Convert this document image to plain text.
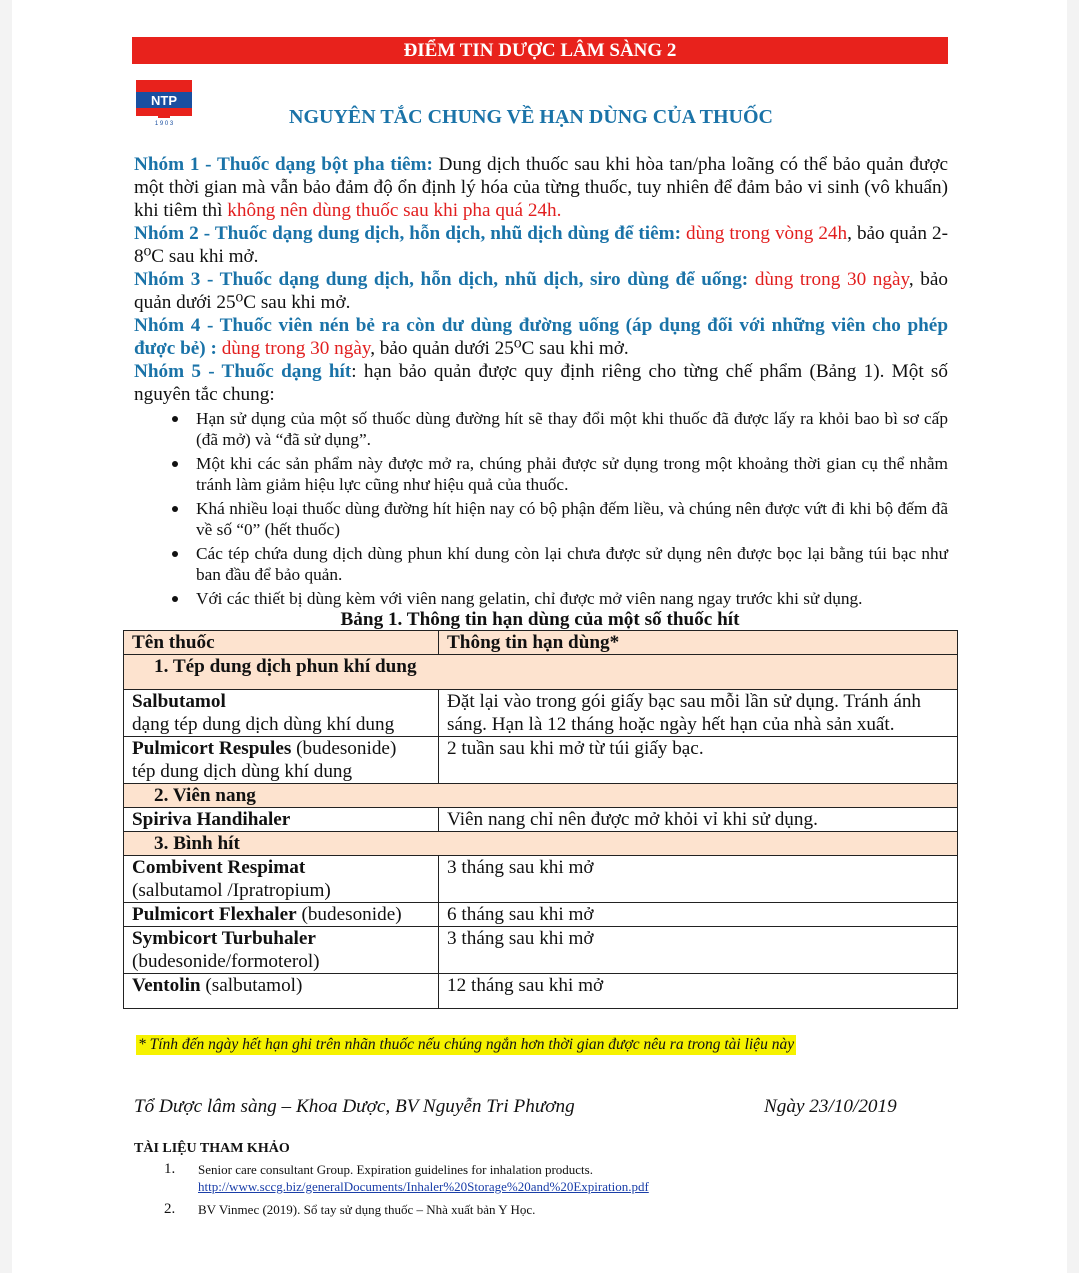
ĐIỂM TIN DƯỢC LÂM SÀNG 2
NTP
1 9 0 3	NGUYÊN TẮC CHUNG VỀ HẠN DÙNG CỦA THUỐC

Nhóm 1 - Thuốc dạng bột pha tiêm: Dung dịch thuốc sau khi hòa tan/pha loãng có thể bảo quản được một thời gian mà vẫn bảo đảm độ ổn định lý hóa của từng thuốc, tuy nhiên để đảm bảo vi sinh (vô khuẩn) khi tiêm thì không nên dùng thuốc sau khi pha quá 24h.

Nhóm 2 - Thuốc dạng dung dịch, hỗn dịch, nhũ dịch dùng để tiêm: dùng trong vòng 24h, bảo quản 2-8⁰C sau khi mở.

Nhóm 3 - Thuốc dạng dung dịch, hỗn dịch, nhũ dịch, siro dùng để uống: dùng trong 30 ngày, bảo quản dưới 25⁰C sau khi mở.

Nhóm 4 - Thuốc viên nén bẻ ra còn dư dùng đường uống (áp dụng đối với những viên cho phép được bẻ) : dùng trong 30 ngày, bảo quản dưới 25⁰C sau khi mở.

Nhóm 5 - Thuốc dạng hít: hạn bảo quản được quy định riêng cho từng chế phẩm (Bảng 1). Một số nguyên tắc chung:

Hạn sử dụng của một số thuốc dùng đường hít sẽ thay đổi một khi thuốc đã được lấy ra khỏi bao bì sơ cấp (đã mở) và “đã sử dụng”.
Một khi các sản phẩm này được mở ra, chúng phải được sử dụng trong một khoảng thời gian cụ thể nhằm tránh làm giảm hiệu lực cũng như hiệu quả của thuốc.
Khá nhiều loại thuốc dùng đường hít hiện nay có bộ phận đếm liều, và chúng nên được vứt đi khi bộ đếm đã về số “0” (hết thuốc)
Các tép chứa dung dịch dùng phun khí dung còn lại chưa được sử dụng nên được bọc lại bằng túi bạc như ban đầu để bảo quản.
Với các thiết bị dùng kèm với viên nang gelatin, chỉ được mở viên nang ngay trước khi sử dụng.
Bảng 1. Thông tin hạn dùng của một số thuốc hít
Tên thuốc	Thông tin hạn dùng*
1. Tép dung dịch phun khí dung	
Salbutamol
dạng tép dung dịch dùng khí dung	Đặt lại vào trong gói giấy bạc sau mỗi lần sử dụng. Tránh ánh sáng. Hạn là 12 tháng hoặc ngày hết hạn của nhà sản xuất.
Pulmicort Respules (budesonide)
tép dung dịch dùng khí dung	2 tuần sau khi mở từ túi giấy bạc.
2. Viên nang	
Spiriva Handihaler	Viên nang chỉ nên được mở khỏi vỉ khi sử dụng.
3. Bình hít	
Combivent Respimat
(salbutamol /Ipratropium)	3 tháng sau khi mở
Pulmicort Flexhaler (budesonide)	6 tháng sau khi mở
Symbicort Turbuhaler
(budesonide/formoterol)	3 tháng sau khi mở
Ventolin (salbutamol)	12 tháng sau khi mở
* Tính đến ngày hết hạn ghi trên nhãn thuốc nếu chúng ngắn hơn thời gian được nêu ra trong tài liệu này
Tổ Dược lâm sàng – Khoa Dược, BV Nguyễn Tri Phương	Ngày 23/10/2019
TÀI LIỆU THAM KHẢO
1. Senior care consultant Group. Expiration guidelines for inhalation products.
http://www.sccg.biz/generalDocuments/Inhaler%20Storage%20and%20Expiration.pdf
2. BV Vinmec (2019). Sổ tay sử dụng thuốc – Nhà xuất bản Y Học.
